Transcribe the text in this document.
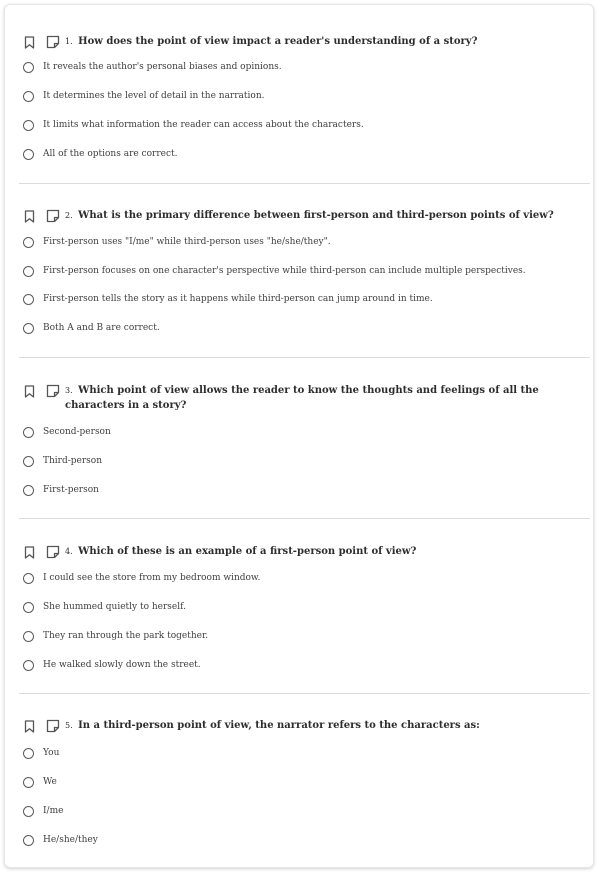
1. How does the point of view impact a reader's understanding of a story?
It reveals the author's personal biases and opinions.
It determines the level of detail in the narration.
It limits what information the reader can access about the characters.
All of the options are correct.
2. What is the primary difference between first-person and third-person points of view?
First-person uses "I/me" while third-person uses "he/she/they".
First-person focuses on one character's perspective while third-person can include multiple perspectives.
First-person tells the story as it happens while third-person can jump around in time.
Both A and B are correct.
3. Which point of view allows the reader to know the thoughts and feelings of all the characters in a story?
Second-person
Third-person
First-person
4. Which of these is an example of a first-person point of view?
I could see the store from my bedroom window.
She hummed quietly to herself.
They ran through the park together.
He walked slowly down the street.
5. In a third-person point of view, the narrator refers to the characters as:
You
We
I/me
He/she/they
